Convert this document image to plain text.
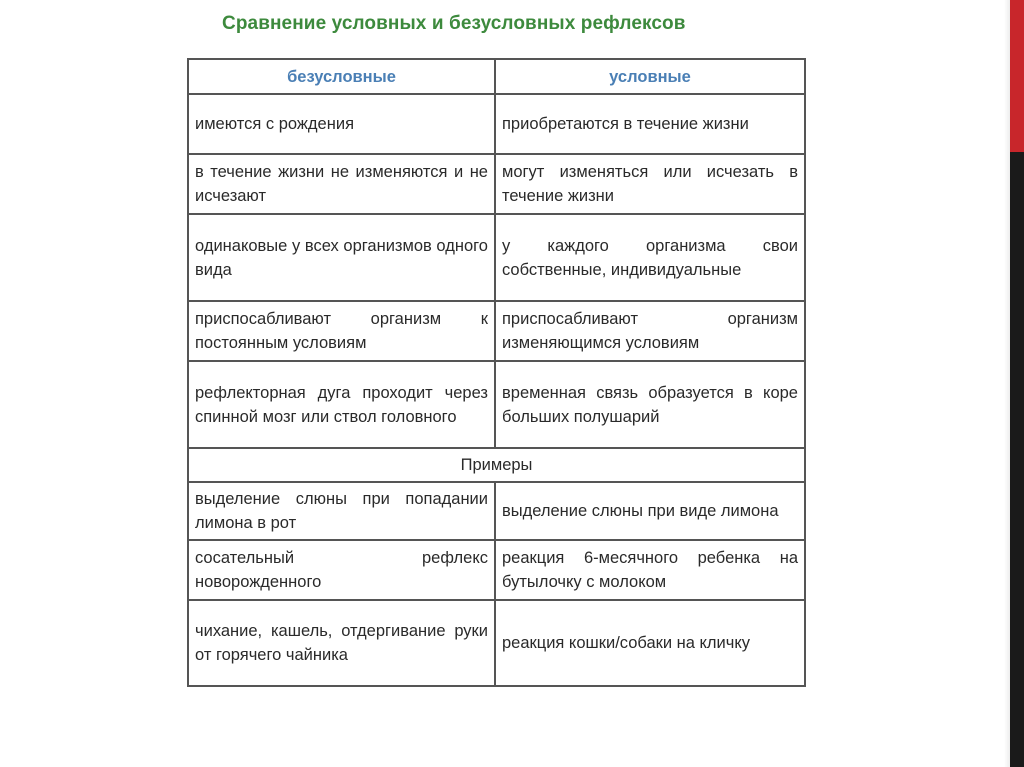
Сравнение условных и безусловных рефлексов
безусловные	условные
имеются с рождения	приобретаются в течение жизни
в течение жизни не изменяются и не исчезают	могут изменяться или исчезать в течение жизни
одинаковые у всех организмов одного вида	у каждого организма свои собственные, индивидуальные
приспосабливают организм к постоянным условиям	приспосабливают организм изменяющимся условиям
рефлекторная дуга проходит через спинной мозг или ствол головного	временная связь образуется в коре больших полушарий
Примеры	
выделение слюны при попадании лимона в рот	выделение слюны при виде лимона
сосательный рефлекс новорожденного	реакция 6-месячного ребенка на бутылочку с молоком
чихание, кашель, отдергивание руки от горячего чайника	реакция кошки/собаки на кличку
